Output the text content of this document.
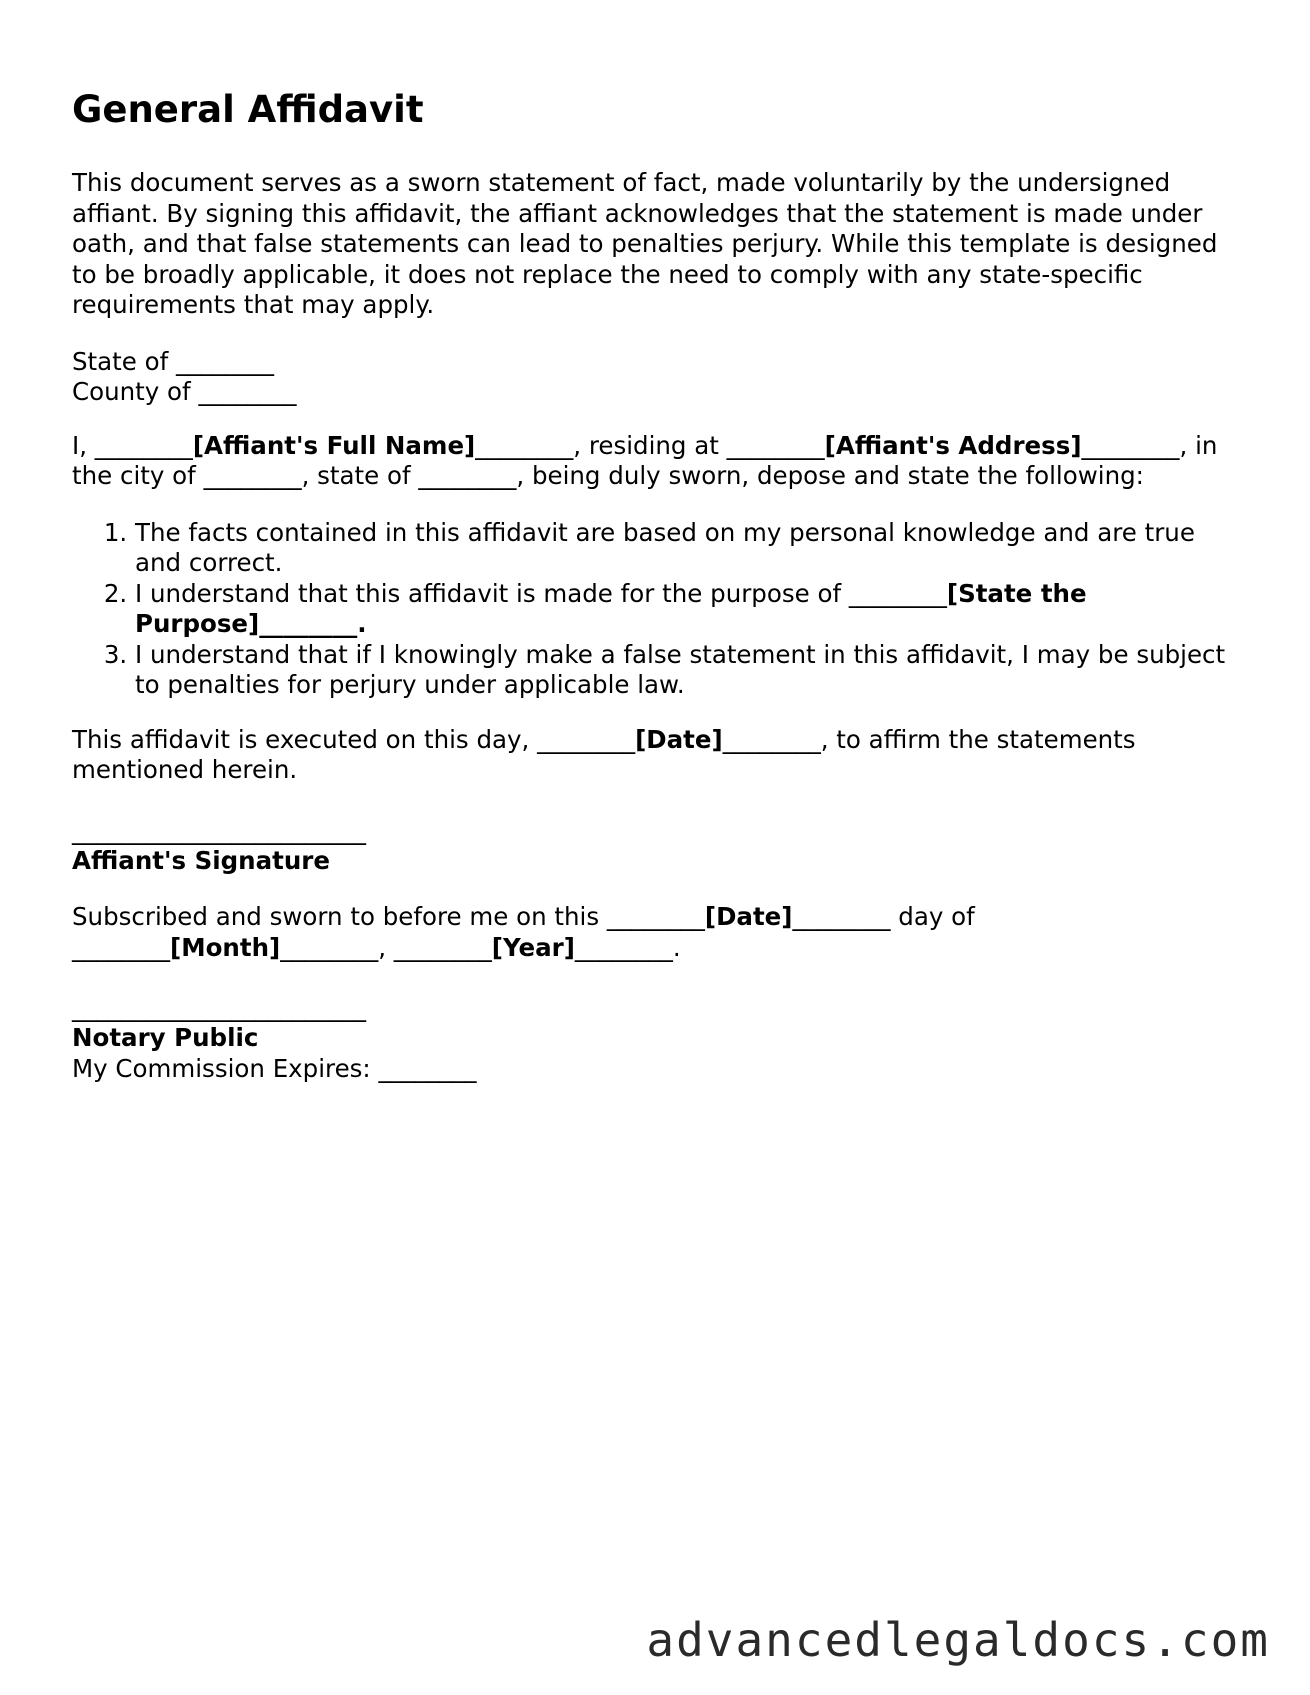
General Affidavit

This document serves as a sworn statement of fact, made voluntarily by the undersigned affiant. By signing this affidavit, the affiant acknowledges that the statement is made under oath, and that false statements can lead to penalties perjury. While this template is designed to be broadly applicable, it does not replace the need to comply with any state-specific requirements that may apply.

State of ________
County of ________

I, ________[Affiant's Full Name]________, residing at ________[Affiant's Address]________, in the city of ________, state of ________, being duly sworn, depose and state the following:

1. The facts contained in this affidavit are based on my personal knowledge and are true and correct.
2. I understand that this affidavit is made for the purpose of ________[State the Purpose]________.
3. I understand that if I knowingly make a false statement in this affidavit, I may be subject to penalties for perjury under applicable law.

This affidavit is executed on this day, ________[Date]________, to affirm the statements mentioned herein.

________________________
Affiant's Signature

Subscribed and sworn to before me on this ________[Date]________ day of ________[Month]________, ________[Year]________.

________________________
Notary Public
My Commission Expires: ________
advancedlegaldocs.com
